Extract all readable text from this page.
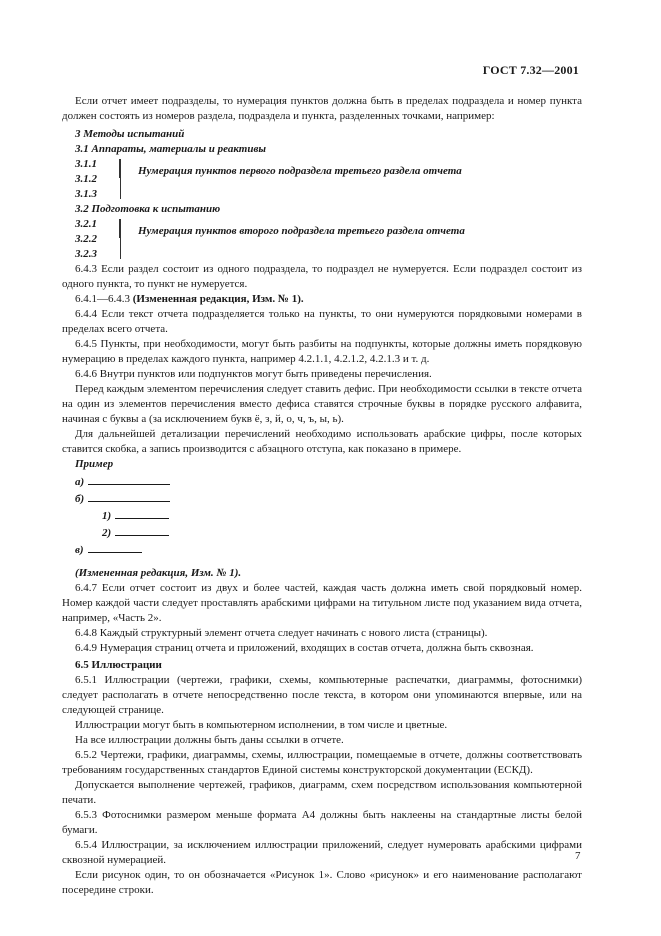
ГОСТ 7.32—2001

Если отчет имеет подразделы, то нумерация пунктов должна быть в пределах подраздела и номер пункта должен состоять из номеров раздела, подраздела и пункта, разделенных точками, например:

3 Методы испытаний

3.1 Аппараты, материалы и реактивы

3.1.1
3.1.2
3.1.3
Нумерация пунктов первого подраздела третьего раздела отчета

3.2 Подготовка к испытанию

3.2.1
3.2.2
3.2.3
Нумерация пунктов второго подраздела третьего раздела отчета

6.4.3 Если раздел состоит из одного подраздела, то подраздел не нумеруется. Если подраздел состоит из одного пункта, то пункт не нумеруется.

6.4.1—6.4.3 (Измененная редакция, Изм. № 1).

6.4.4 Если текст отчета подразделяется только на пункты, то они нумеруются порядковыми номерами в пределах всего отчета.

6.4.5 Пункты, при необходимости, могут быть разбиты на подпункты, которые должны иметь порядковую нумерацию в пределах каждого пункта, например 4.2.1.1, 4.2.1.2, 4.2.1.3 и т. д.

6.4.6 Внутри пунктов или подпунктов могут быть приведены перечисления.

Перед каждым элементом перечисления следует ставить дефис. При необходимости ссылки в тексте отчета на один из элементов перечисления вместо дефиса ставятся строчные буквы в порядке русского алфавита, начиная с буквы а (за исключением букв ё, з, й, о, ч, ъ, ы, ь).

Для дальнейшей детализации перечислений необходимо использовать арабские цифры, после которых ставится скобка, а запись производится с абзацного отступа, как показано в примере.

Пример

а)

б)

1)

2)

в)

(Измененная редакция, Изм. № 1).

6.4.7 Если отчет состоит из двух и более частей, каждая часть должна иметь свой порядковый номер. Номер каждой части следует проставлять арабскими цифрами на титульном листе под указанием вида отчета, например, «Часть 2».

6.4.8 Каждый структурный элемент отчета следует начинать с нового листа (страницы).

6.4.9 Нумерация страниц отчета и приложений, входящих в состав отчета, должна быть сквозная.

6.5 Иллюстрации

6.5.1 Иллюстрации (чертежи, графики, схемы, компьютерные распечатки, диаграммы, фотоснимки) следует располагать в отчете непосредственно после текста, в котором они упоминаются впервые, или на следующей странице.

Иллюстрации могут быть в компьютерном исполнении, в том числе и цветные.

На все иллюстрации должны быть даны ссылки в отчете.

6.5.2 Чертежи, графики, диаграммы, схемы, иллюстрации, помещаемые в отчете, должны соответствовать требованиям государственных стандартов Единой системы конструкторской документации (ЕСКД).

Допускается выполнение чертежей, графиков, диаграмм, схем посредством использования компьютерной печати.

6.5.3 Фотоснимки размером меньше формата А4 должны быть наклеены на стандартные листы белой бумаги.

6.5.4 Иллюстрации, за исключением иллюстрации приложений, следует нумеровать арабскими цифрами сквозной нумерацией.

Если рисунок один, то он обозначается «Рисунок 1». Слово «рисунок» и его наименование располагают посередине строки.

7
